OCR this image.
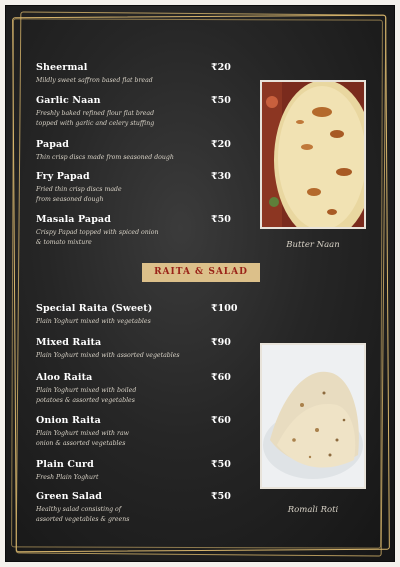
Sheermal
Mildly sweet saffron based flat bread
₹20
Garlic Naan
Freshly baked refined flour flat bread topped with garlic and celery stuffing
₹50
Papad
Thin crisp discs made from seasoned dough
₹20
Fry Papad
Fried thin crisp discs made from seasoned dough
₹30
Masala Papad
Crispy Papad topped with spiced onion & tomato mixture
₹50
Butter Naan
RAITA & SALAD
Special Raita (Sweet)
Plain Yoghurt mixed with vegetables
₹100
Mixed Raita
Plain Yoghurt mixed with assorted vegetables
₹90
Aloo Raita
Plain Yoghurt mixed with boiled potatoes & assorted vegetables
₹60
Onion Raita
Plain Yoghurt mixed with raw onion & assorted vegetables
₹60
Plain Curd
Fresh Plain Yoghurt
₹50
Green Salad
Healthy salad consisting of assorted vegetables & greens
₹50
Romali Roti
